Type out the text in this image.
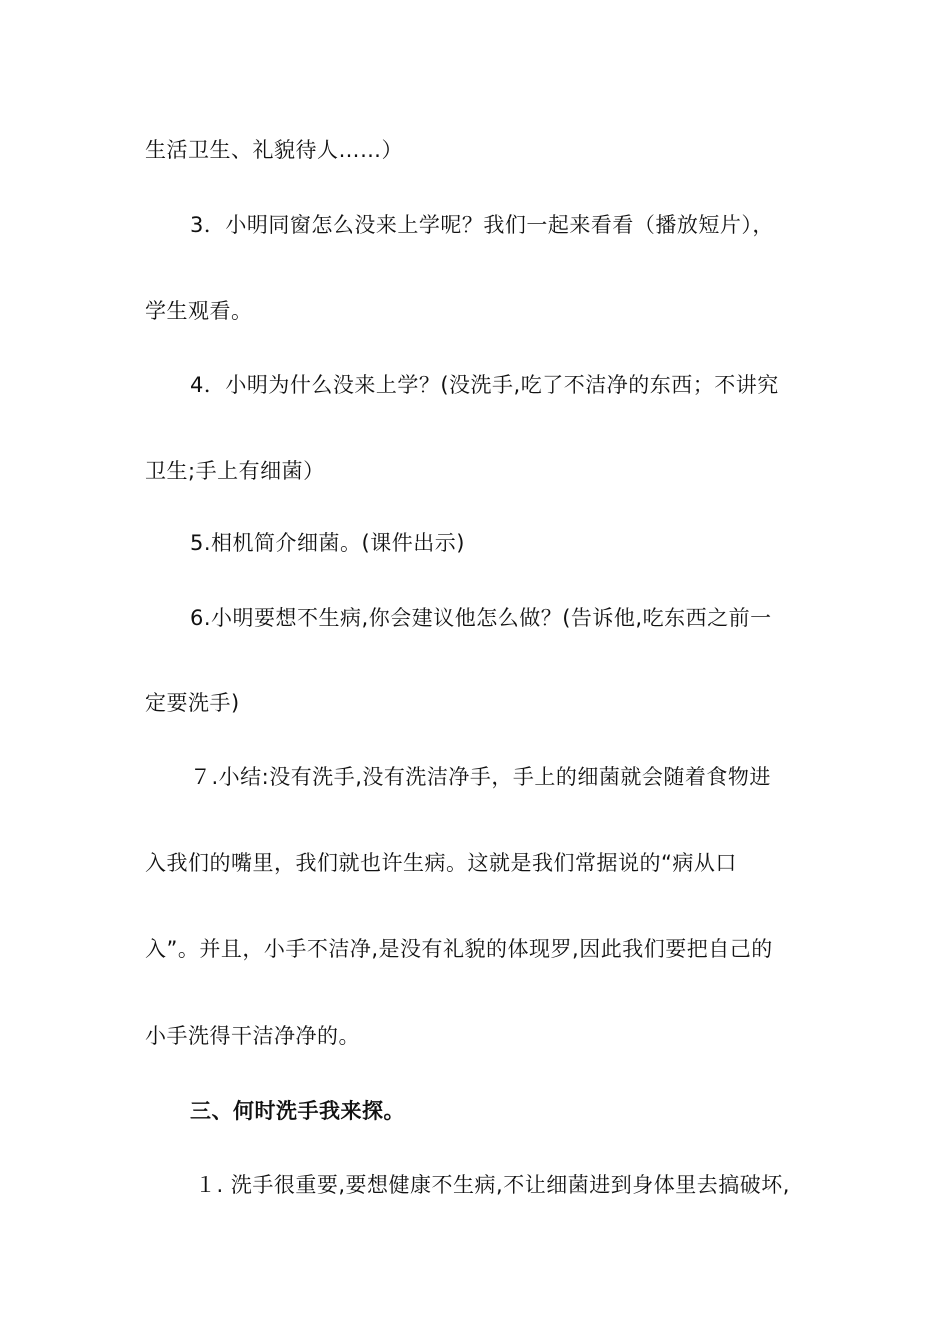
生活卫生、礼貌待人……）
3．小明同窗怎么没来上学呢？我们一起来看看（播放短片），
学生观看。
4．小明为什么没来上学？(没洗手,吃了不洁净的东西；不讲究
卫生;手上有细菌）
5.相机简介细菌。(课件出示)
6.小明要想不生病,你会建议他怎么做？(告诉他,吃东西之前一
定要洗手)
７.小结:没有洗手,没有洗洁净手，手上的细菌就会随着食物进
入我们的嘴里，我们就也许生病。这就是我们常据说的“病从口
入”。并且，小手不洁净,是没有礼貌的体现罗,因此我们要把自己的
小手洗得干洁净净的。
三、何时洗手我来探。
１. 洗手很重要,要想健康不生病,不让细菌进到身体里去搞破坏,
